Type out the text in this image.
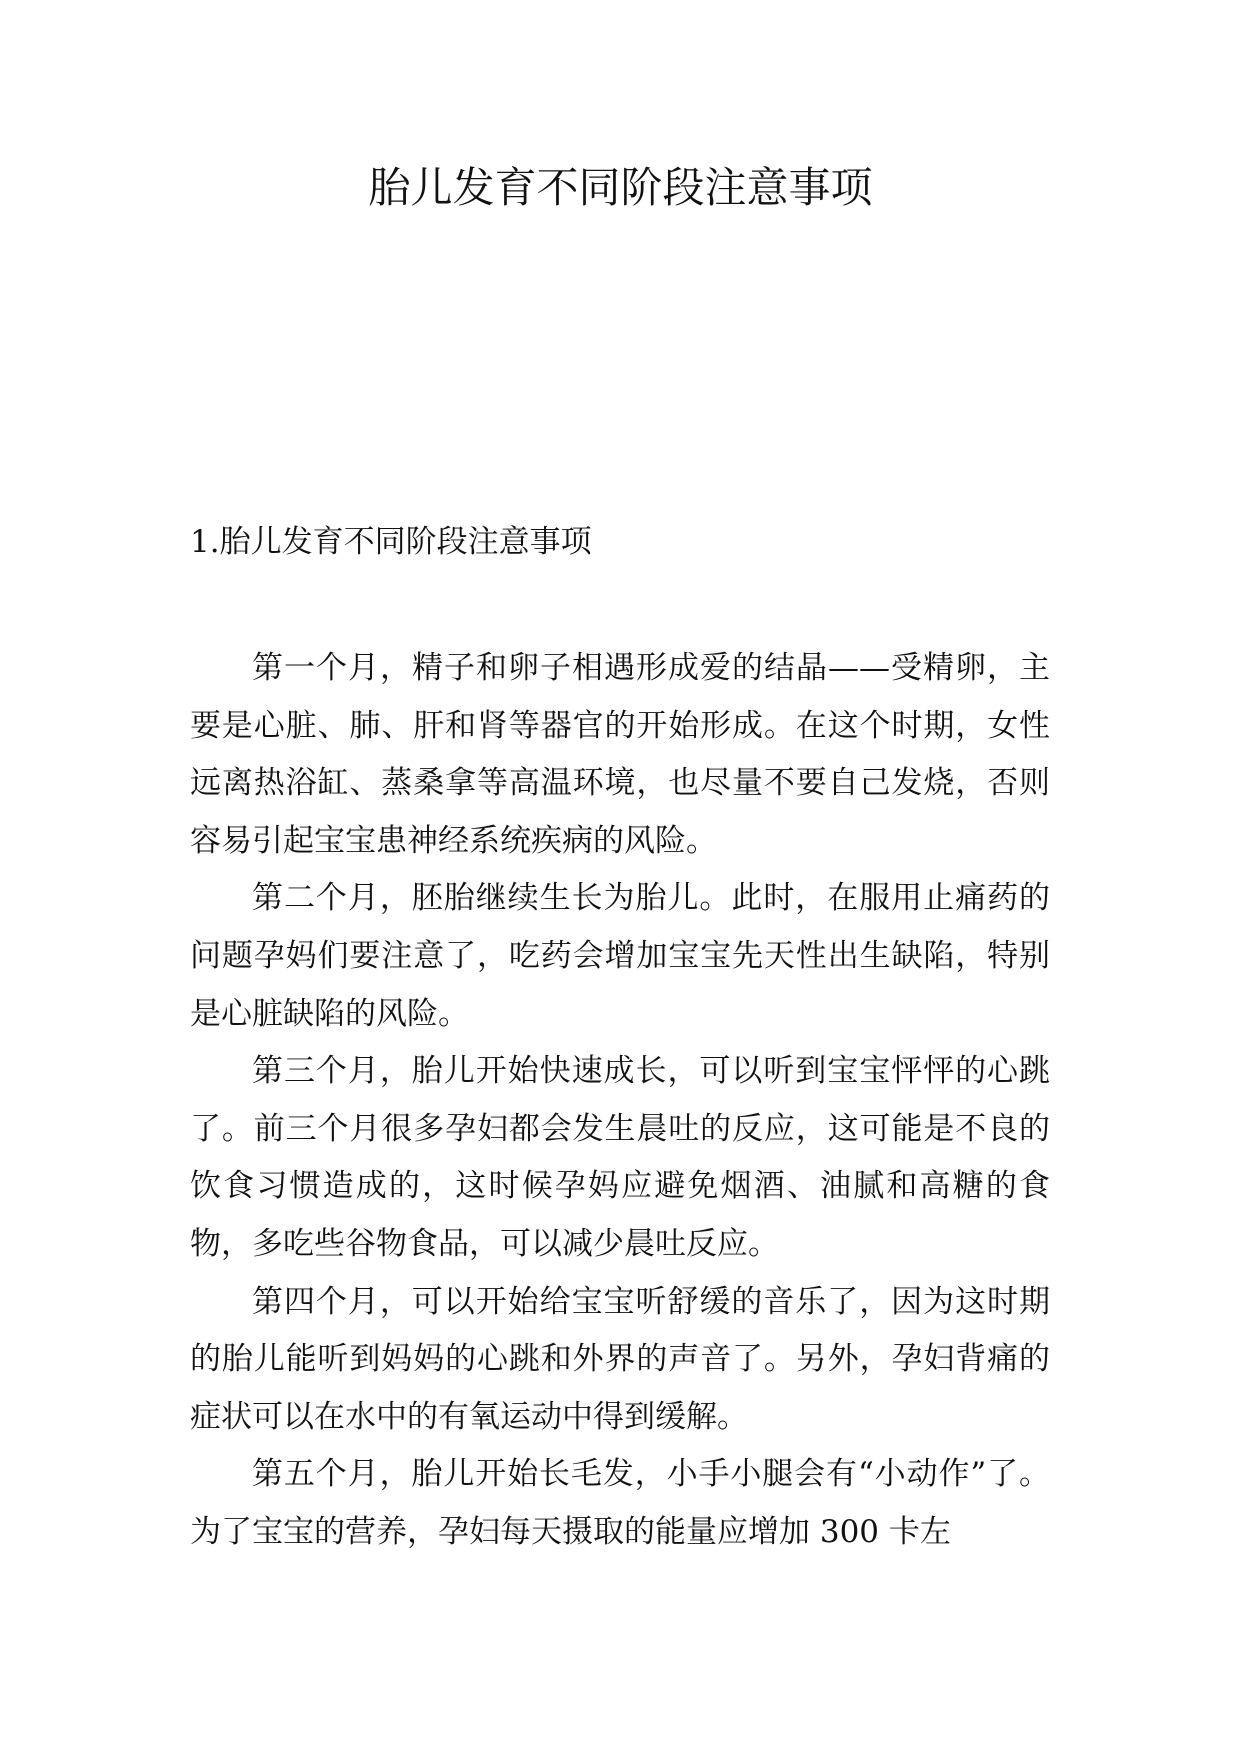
胎儿发育不同阶段注意事项
1.胎儿发育不同阶段注意事项

第一个月，精子和卵子相遇形成爱的结晶——受精卵，主要是心脏、肺、肝和肾等器官的开始形成。在这个时期，女性远离热浴缸、蒸桑拿等高温环境，也尽量不要自己发烧，否则容易引起宝宝患神经系统疾病的风险。

第二个月，胚胎继续生长为胎儿。此时，在服用止痛药的问题孕妈们要注意了，吃药会增加宝宝先天性出生缺陷，特别是心脏缺陷的风险。

第三个月，胎儿开始快速成长，可以听到宝宝怦怦的心跳了。前三个月很多孕妇都会发生晨吐的反应，这可能是不良的饮食习惯造成的，这时候孕妈应避免烟酒、油腻和高糖的食物，多吃些谷物食品，可以减少晨吐反应。

第四个月，可以开始给宝宝听舒缓的音乐了，因为这时期的胎儿能听到妈妈的心跳和外界的声音了。另外，孕妇背痛的症状可以在水中的有氧运动中得到缓解。

第五个月，胎儿开始长毛发，小手小腿会有“小动作”了。为了宝宝的营养，孕妇每天摄取的能量应增加 300 卡左
